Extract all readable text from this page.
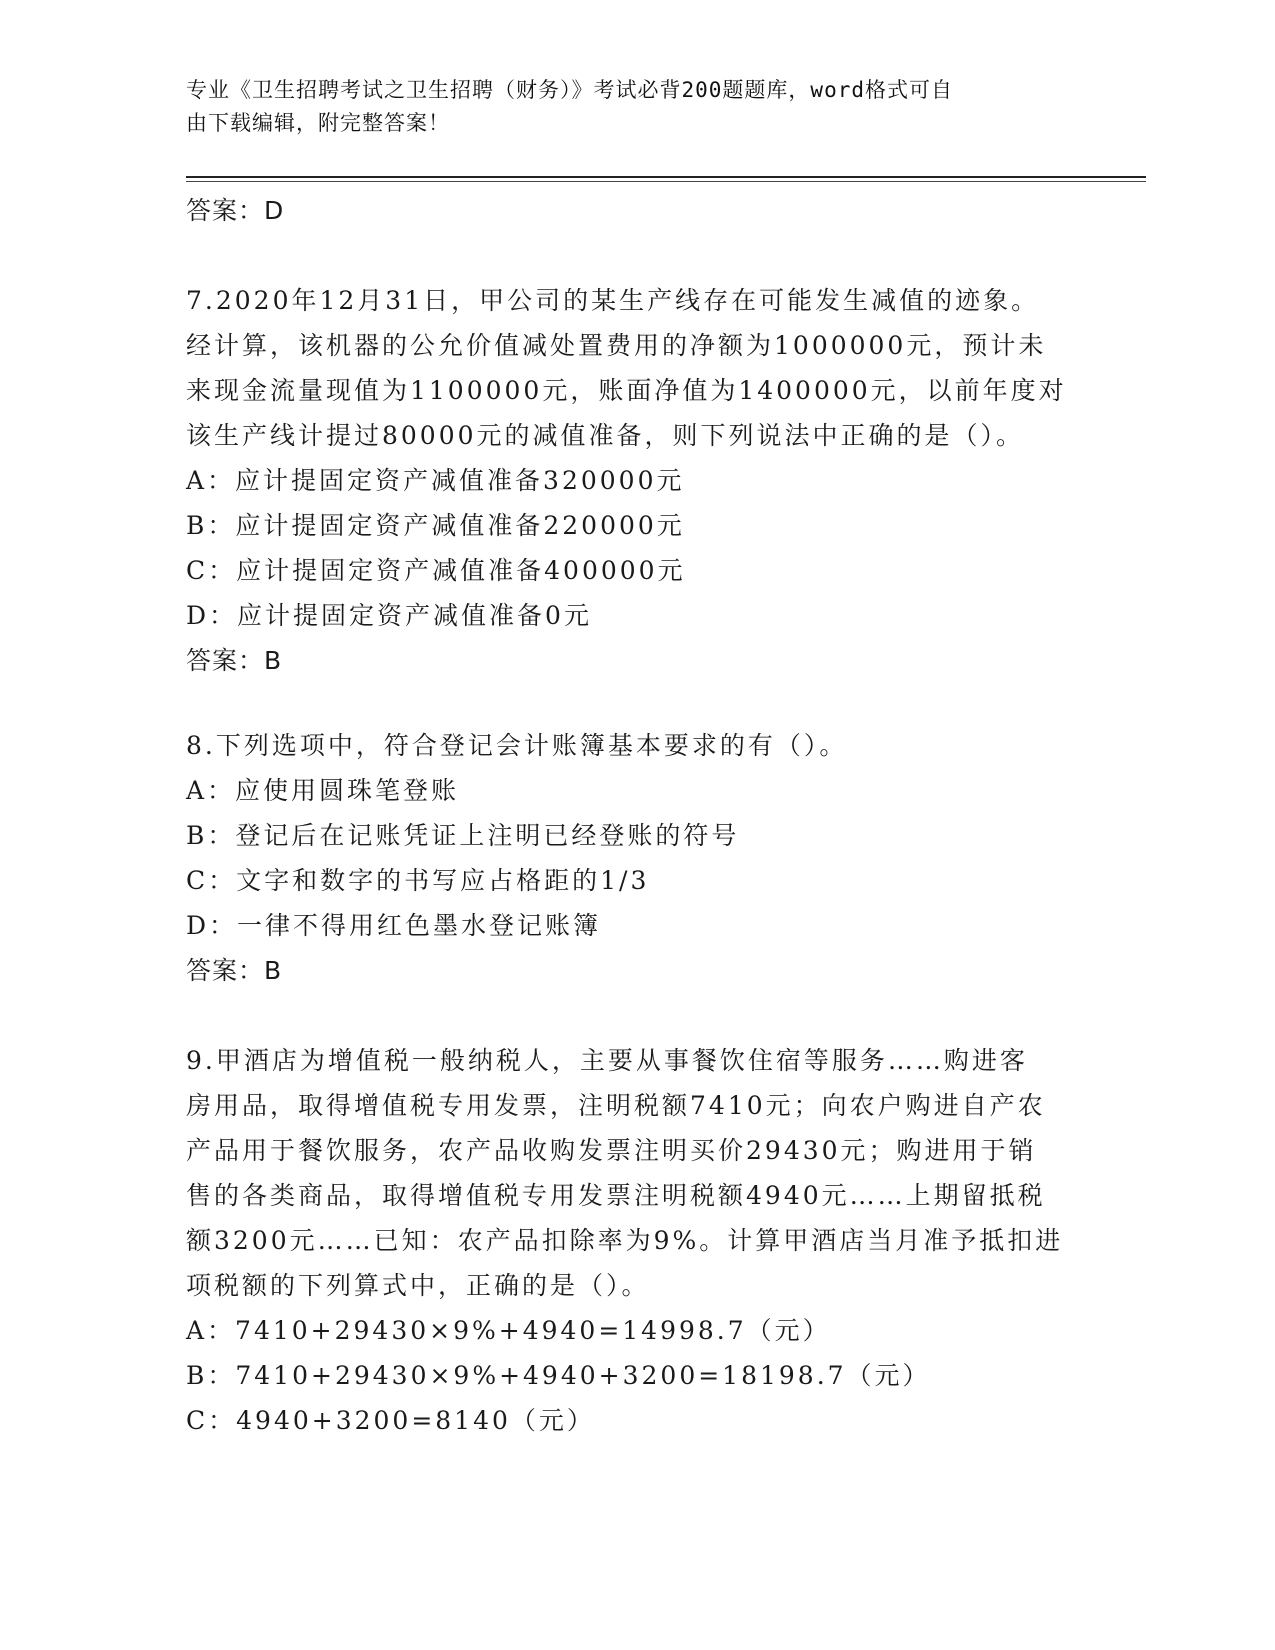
专业《卫生招聘考试之卫生招聘（财务）》考试必背200题题库，word格式可自
由下载编辑，附完整答案！
答案：D
7.2020年12月31日，甲公司的某生产线存在可能发生减值的迹象。
经计算，该机器的公允价值减处置费用的净额为1000000元，预计未
来现金流量现值为1100000元，账面净值为1400000元，以前年度对
该生产线计提过80000元的减值准备，则下列说法中正确的是（）。
A：应计提固定资产减值准备320000元
B：应计提固定资产减值准备220000元
C：应计提固定资产减值准备400000元
D：应计提固定资产减值准备0元
答案：B
8.下列选项中，符合登记会计账簿基本要求的有（）。
A：应使用圆珠笔登账
B：登记后在记账凭证上注明已经登账的符号
C：文字和数字的书写应占格距的1/3
D：一律不得用红色墨水登记账簿
答案：B
9.甲酒店为增值税一般纳税人，主要从事餐饮住宿等服务……购进客
房用品，取得增值税专用发票，注明税额7410元；向农户购进自产农
产品用于餐饮服务，农产品收购发票注明买价29430元；购进用于销
售的各类商品，取得增值税专用发票注明税额4940元……上期留抵税
额3200元……已知：农产品扣除率为9%。计算甲酒店当月准予抵扣进
项税额的下列算式中，正确的是（）。
A：7410+29430×9%+4940=14998.7（元）
B：7410+29430×9%+4940+3200=18198.7（元）
C：4940+3200=8140（元）
